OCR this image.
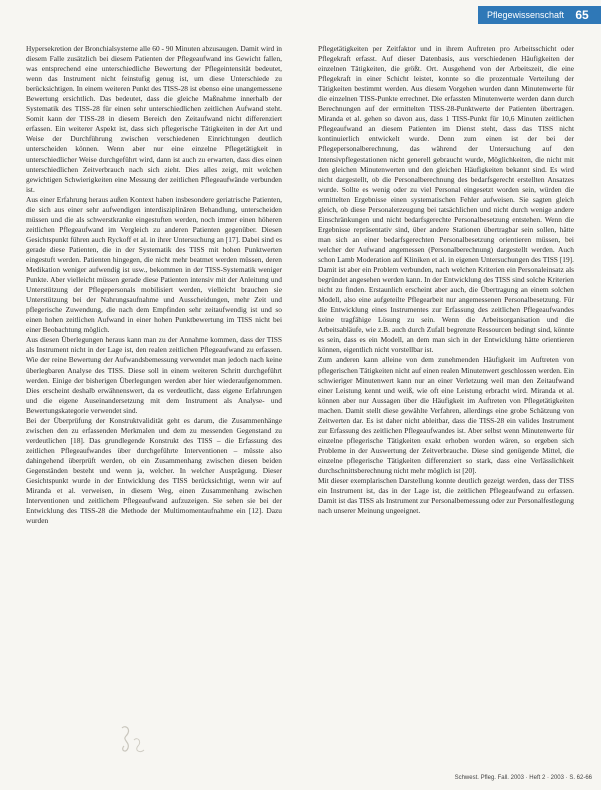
Pflegewissenschaft 65

Hypersekretion der Bronchialsysteme alle 60 - 90 Minuten abzusaugen. Damit wird in diesem Falle zusätzlich bei diesem Patienten der Pflegeaufwand ins Gewicht fallen, was entsprechend eine unterschiedliche Bewertung der Pflegeintensität bedeutet, wenn das Instrument nicht feinstufig genug ist, um diese Unterschiede zu berücksichtigen. In einem weiteren Punkt des TISS-28 ist ebenso eine unangemessene Bewertung ersichtlich. Das bedeutet, dass die gleiche Maßnahme innerhalb der Systematik des TISS-28 für einen sehr unterschiedlichen zeitlichen Aufwand steht. Somit kann der TISS-28 in diesem Bereich den Zeitaufwand nicht differenziert erfassen. Ein weiterer Aspekt ist, dass sich pflegerische Tätigkeiten in der Art und Weise der Durchführung zwischen verschiedenen Einrichtungen deutlich unterscheiden können. Wenn aber nur eine einzelne Pflegetätigkeit in unterschiedlicher Weise durchgeführt wird, dann ist auch zu erwarten, dass dies einen unterschiedlichen Zeitverbrauch nach sich zieht. Dies alles zeigt, mit welchen gewichtigen Schwierigkeiten eine Messung der zeitlichen Pflegeaufwände verbunden ist.

Aus einer Erfahrung heraus außen Kontext haben insbesondere geriatrische Patienten, die sich aus einer sehr aufwendigen interdisziplinären Behandlung, unterscheiden müssen und die als schwerstkranke eingestuften werden, noch immer einen höheren zeitlichen Pflegeaufwand im Vergleich zu anderen Patienten gegenüber. Diesen Gesichtspunkt führen auch Ryckoff et al. in ihrer Untersuchung an [17]. Dabei sind es gerade diese Patienten, die in der Systematik des TISS mit hohen Punktwerten eingestuft werden. Patienten hingegen, die nicht mehr beatmet werden müssen, deren Medikation weniger aufwendig ist usw., bekommen in der TISS-Systematik weniger Punkte. Aber vielleicht müssen gerade diese Patienten intensiv mit der Anleitung und Unterstützung der Pflegepersonals mobilisiert werden, vielleicht brauchen sie Unterstützung bei der Nahrungsaufnahme und Ausscheidungen, mehr Zeit und pflegerische Zuwendung, die nach dem Empfinden sehr zeitaufwendig ist und so einen hohen zeitlichen Aufwand in einer hohen Punktbewertung im TISS nicht bei einer Beobachtung möglich.

Aus diesen Überlegungen heraus kann man zu der Annahme kommen, dass der TISS als Instrument nicht in der Lage ist, den realen zeitlichen Pflegeaufwand zu erfassen. Wie der reine Bewertung der Aufwandsbemessung verwendet man jedoch nach keine überlegbaren Analyse des TISS. Diese soll in einem weiteren Schritt durchgeführt werden. Einige der bisherigen Überlegungen werden aber hier wiederaufgenommen. Dies erscheint deshalb erwähnenswert, da es verdeutlicht, dass eigene Erfahrungen und die eigene Auseinandersetzung mit dem Instrument als Analyse- und Bewertungskategorie verwendet sind.

Bei der Überprüfung der Konstruktvalidität geht es darum, die Zusammenhänge zwischen den zu erfassenden Merkmalen und dem zu messenden Gegenstand zu verdeutlichen [18]. Das grundlegende Konstrukt des TISS – die Erfassung des zeitlichen Pflegeaufwandes über durchgeführte Interventionen – müsste also dahingehend überprüft werden, ob ein Zusammenhang zwischen diesen beiden Gegenständen besteht und wenn ja, welcher. In welcher Ausprägung. Dieser Gesichtspunkt wurde in der Entwicklung des TISS berücksichtigt, wenn wir auf Miranda et al. verweisen, in diesem Weg, einen Zusammenhang zwischen Interventionen und zeitlichem Pflegeaufwand aufzuzeigen. Sie sehen sie bei der Entwicklung des TISS-28 die Methode der Multimomentaufnahme ein [12]. Dazu wurden

Pflegetätigkeiten per Zeitfaktor und in ihrem Auftreten pro Arbeitsschicht oder Pflegekraft erfasst. Auf dieser Datenbasis, aus verschiedenen Häufigkeiten der einzelnen Tätigkeiten, die größt. Ort. Ausgehend von der Arbeitszeit, die eine Pflegekraft in einer Schicht leistet, konnte so die prozentuale Verteilung der Tätigkeiten bestimmt werden. Aus diesem Vorgehen wurden dann Minutenwerte für die einzelnen TISS-Punkte errechnet. Die erfassten Minutenwerte werden dann durch Berechnungen auf der ermittelten TISS-28-Punktwerte der Patienten übertragen. Miranda et al. gehen so davon aus, dass 1 TISS-Punkt für 10,6 Minuten zeitlichen Pflegeaufwand an diesem Patienten im Dienst steht, dass das TISS nicht kontinuierlich entwickelt wurde. Denn zum einen ist der bei der Pflegepersonalberechnung, das während der Untersuchung auf den Intensivpflegestationen nicht generell gebraucht wurde, Möglichkeiten, die nicht mit den gleichen Minutenwerten und den gleichen Häufigkeiten bekannt sind. Es wird nicht dargestellt, ob die Personalberechnung des bedarfsgerecht erstellten Ansatzes wurde. Sollte es wenig oder zu viel Personal eingesetzt worden sein, würden die ermittelten Ergebnisse einen systematischen Fehler aufweisen. Sie sagten gleich gleich, ob diese Personalerzeugung bei tatsächlichen und nicht durch wenige andere Einschränkungen und nicht bedarfsgerechte Personalbesetzung entstehen. Wenn die Ergebnisse repräsentativ sind, über andere Stationen übertragbar sein sollen, hätte man sich an einer bedarfsgerechten Personalbesetzung orientieren müssen, bei welcher der Aufwand angemessen (Personalberechnung) dargestellt werden. Auch schon Lamb Moderation auf Kliniken et al. in eigenen Untersuchungen des TISS [19]. Damit ist aber ein Problem verbunden, nach welchen Kriterien ein Personaleinsatz als begründet angesehen werden kann. In der Entwicklung des TISS sind solche Kriterien nicht zu finden. Erstaunlich erscheint aber auch, die Übertragung an einem solchen Modell, also eine aufgeteilte Pflegearbeit nur angemessenen Personalbesetzung. Für die Entwicklung eines Instrumentes zur Erfassung des zeitlichen Pflegeaufwandes keine tragfähige Lösung zu sein. Wenn die Arbeitsorganisation und die Arbeitsabläufe, wie z.B. auch durch Zufall begrenzte Ressourcen bedingt sind, könnte es sein, dass es ein Modell, an dem man sich in der Entwicklung hätte orientieren können, eigentlich nicht vorstellbar ist.

Zum anderen kann alleine von dem zunehmenden Häufigkeit im Auftreten von pflegerischen Tätigkeiten nicht auf einen realen Minutenwert geschlossen werden. Ein schwieriger Minutenwert kann nur an einer Verletzung weil man den Zeitaufwand einer Leistung kennt und weiß, wie oft eine Leistung erbracht wird. Miranda et al. können aber nur Aussagen über die Häufigkeit im Auftreten von Pflegetätigkeiten machen. Damit stellt diese gewählte Verfahren, allerdings eine grobe Schätzung von Zeitwerten dar. Es ist daher nicht ableitbar, dass die TISS-28 ein valides Instrument zur Erfassung des zeitlichen Pflegeaufwandes ist. Aber selbst wenn Minutenwerte für einzelne pflegerische Tätigkeiten exakt erhoben worden wären, so ergeben sich Probleme in der Auswertung der Zeitverbrauche. Diese sind genügende Mittel, die einzelne pflegerische Tätigkeiten differenziert so stark, dass eine Verlässlichkeit durchschnittsberechnung nicht mehr möglich ist [20].

Mit dieser exemplarischen Darstellung konnte deutlich gezeigt werden, dass der TISS ein Instrument ist, das in der Lage ist, die zeitlichen Pflegeaufwand zu erfassen. Damit ist das TISS als Instrument zur Personalbemessung oder zur Personalfestlegung nach unserer Meinung ungeeignet.

Schwest. Pfleg. Fall. 2003 · Heft 2 · 2003 · S. 62-66
